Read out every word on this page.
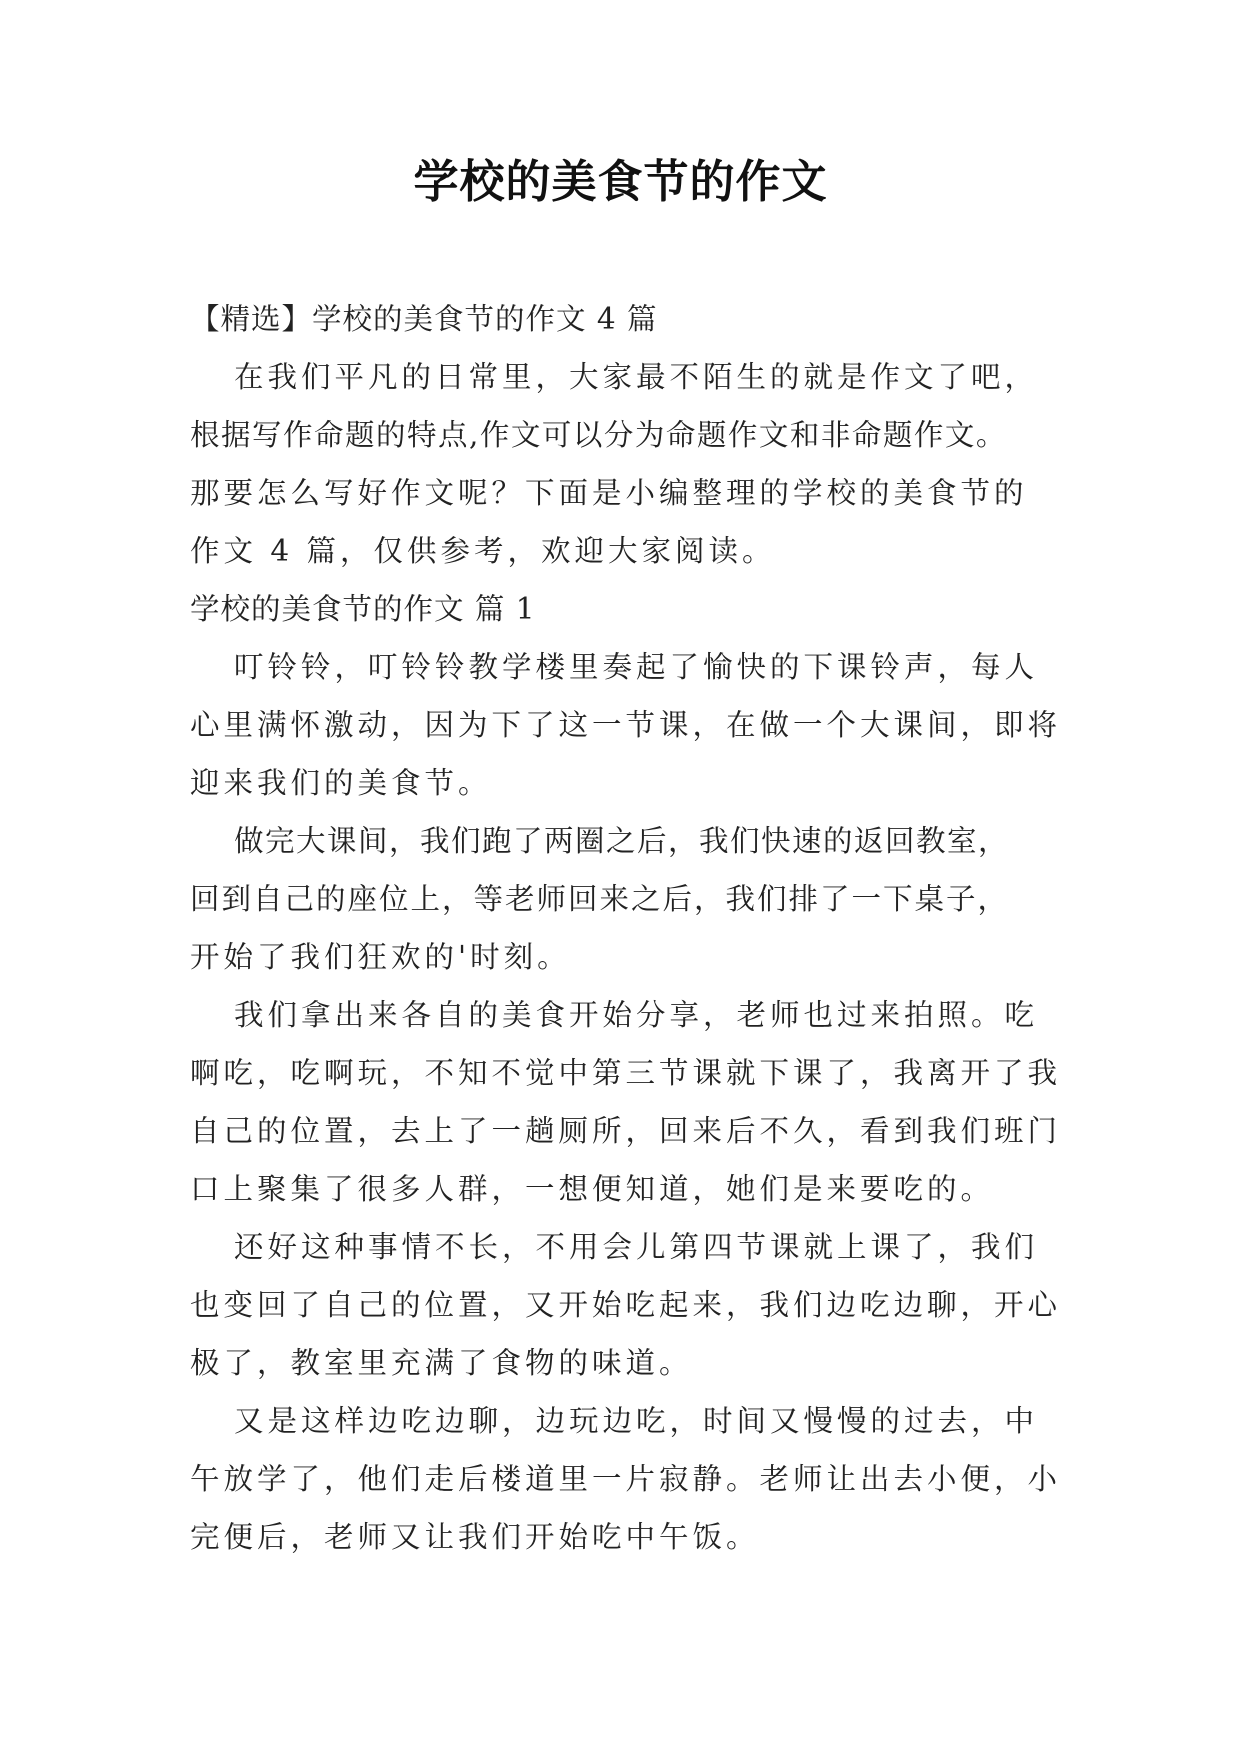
学校的美食节的作文
【精选】学校的美食节的作文 4 篇
在我们平凡的日常里，大家最不陌生的就是作文了吧，
根据写作命题的特点,作文可以分为命题作文和非命题作文。
那要怎么写好作文呢？下面是小编整理的学校的美食节的
作文 4 篇，仅供参考，欢迎大家阅读。
学校的美食节的作文 篇 1
叮铃铃，叮铃铃教学楼里奏起了愉快的下课铃声，每人
心里满怀激动，因为下了这一节课，在做一个大课间，即将
迎来我们的美食节。
做完大课间，我们跑了两圈之后，我们快速的返回教室，
回到自己的座位上，等老师回来之后，我们排了一下桌子，
开始了我们狂欢的'时刻。
我们拿出来各自的美食开始分享，老师也过来拍照。吃
啊吃，吃啊玩，不知不觉中第三节课就下课了，我离开了我
自己的位置，去上了一趟厕所，回来后不久，看到我们班门
口上聚集了很多人群，一想便知道，她们是来要吃的。
还好这种事情不长，不用会儿第四节课就上课了，我们
也变回了自己的位置，又开始吃起来，我们边吃边聊，开心
极了，教室里充满了食物的味道。
又是这样边吃边聊，边玩边吃，时间又慢慢的过去，中
午放学了，他们走后楼道里一片寂静。老师让出去小便，小
完便后，老师又让我们开始吃中午饭。
